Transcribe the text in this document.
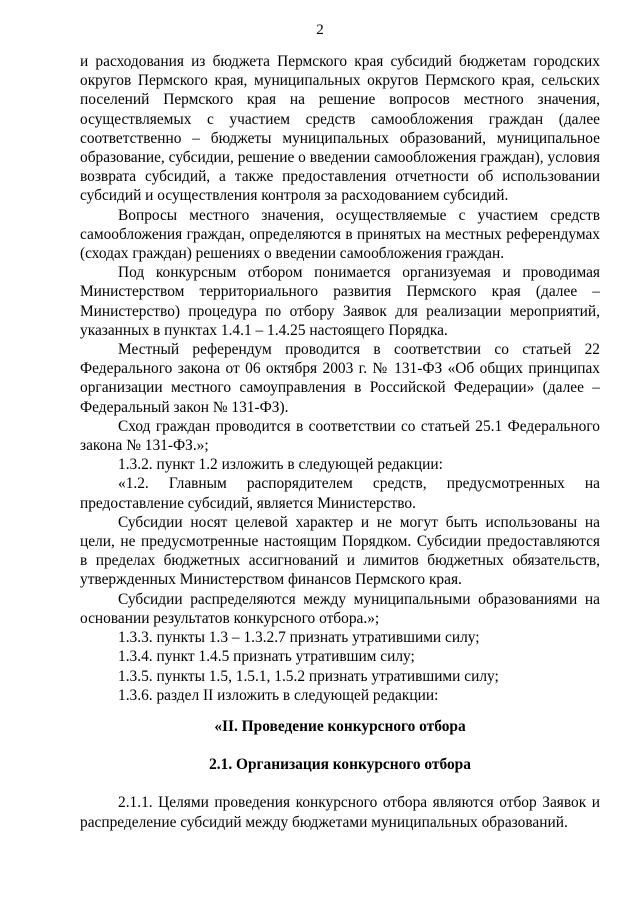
2

и расходования из бюджета Пермского края субсидий бюджетам городских округов Пермского края, муниципальных округов Пермского края, сельских поселений Пермского края на решение вопросов местного значения, осуществляемых с участием средств самообложения граждан (далее соответственно – бюджеты муниципальных образований, муниципальное образование, субсидии, решение о введении самообложения граждан), условия возврата субсидий, а также предоставления отчетности об использовании субсидий и осуществления контроля за расходованием субсидий.

Вопросы местного значения, осуществляемые с участием средств самообложения граждан, определяются в принятых на местных референдумах (сходах граждан) решениях о введении самообложения граждан.

Под конкурсным отбором понимается организуемая и проводимая Министерством территориального развития Пермского края (далее – Министерство) процедура по отбору Заявок для реализации мероприятий, указанных в пунктах 1.4.1 – 1.4.25 настоящего Порядка.

Местный референдум проводится в соответствии со статьей 22 Федерального закона от 06 октября 2003 г. № 131-ФЗ «Об общих принципах организации местного самоуправления в Российской Федерации» (далее – Федеральный закон № 131-ФЗ).

Сход граждан проводится в соответствии со статьей 25.1 Федерального закона № 131-ФЗ.»;

1.3.2. пункт 1.2 изложить в следующей редакции:

«1.2. Главным распорядителем средств, предусмотренных на предоставление субсидий, является Министерство.

Субсидии носят целевой характер и не могут быть использованы на цели, не предусмотренные настоящим Порядком. Субсидии предоставляются в пределах бюджетных ассигнований и лимитов бюджетных обязательств, утвержденных Министерством финансов Пермского края.

Субсидии распределяются между муниципальными образованиями на основании результатов конкурсного отбора.»;

1.3.3. пункты 1.3 – 1.3.2.7 признать утратившими силу;

1.3.4. пункт 1.4.5 признать утратившим силу;

1.3.5. пункты 1.5, 1.5.1, 1.5.2 признать утратившими силу;

1.3.6. раздел II изложить в следующей редакции:

«II. Проведение конкурсного отбора

2.1. Организация конкурсного отбора

2.1.1. Целями проведения конкурсного отбора являются отбор Заявок и распределение субсидий между бюджетами муниципальных образований.
